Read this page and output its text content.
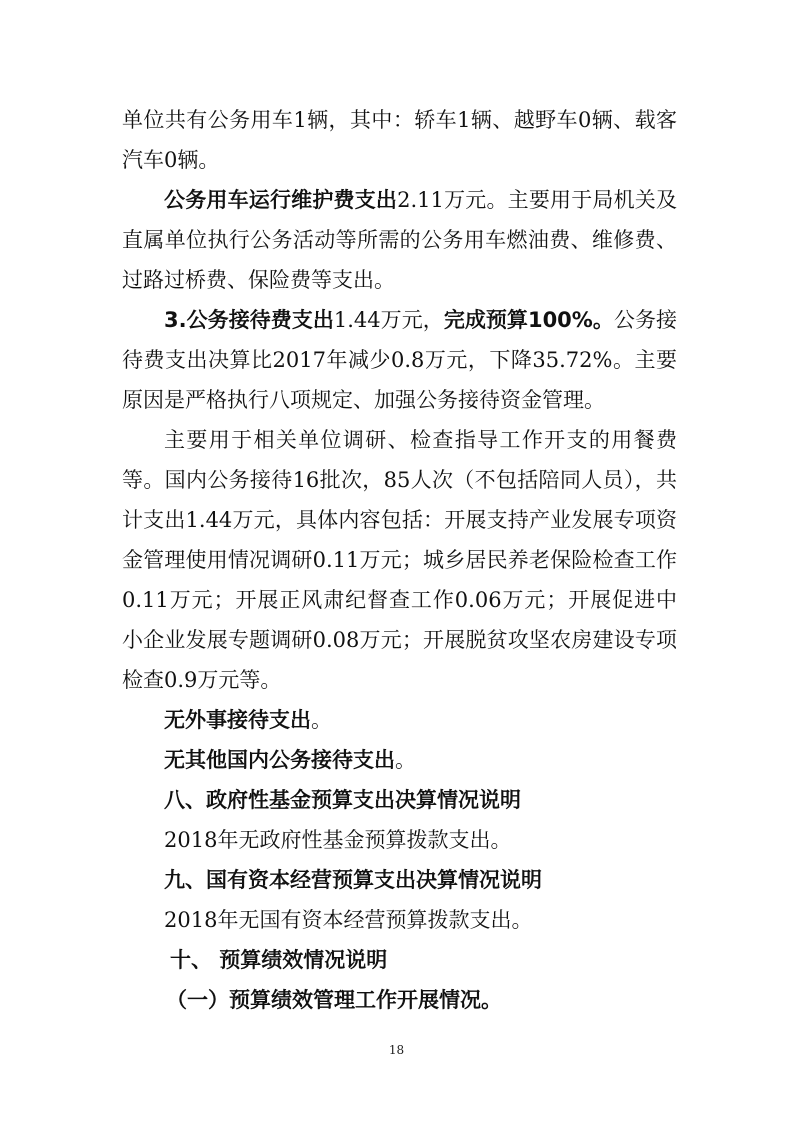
单位共有公务用车1辆，其中：轿车1辆、越野车0辆、载客汽车0辆。

公务用车运行维护费支出2.11万元。主要用于局机关及直属单位执行公务活动等所需的公务用车燃油费、维修费、过路过桥费、保险费等支出。

3.公务接待费支出1.44万元，完成预算100%。公务接待费支出决算比2017年减少0.8万元，下降35.72%。主要原因是严格执行八项规定、加强公务接待资金管理。

主要用于相关单位调研、检查指导工作开支的用餐费等。国内公务接待16批次，85人次（不包括陪同人员），共计支出1.44万元，具体内容包括：开展支持产业发展专项资金管理使用情况调研0.11万元；城乡居民养老保险检查工作0.11万元；开展正风肃纪督查工作0.06万元；开展促进中小企业发展专题调研0.08万元；开展脱贫攻坚农房建设专项检查0.9万元等。

无外事接待支出。

无其他国内公务接待支出。

八、政府性基金预算支出决算情况说明

2018年无政府性基金预算拨款支出。

九、国有资本经营预算支出决算情况说明

2018年无国有资本经营预算拨款支出。

十、 预算绩效情况说明

（一）预算绩效管理工作开展情况。

18
